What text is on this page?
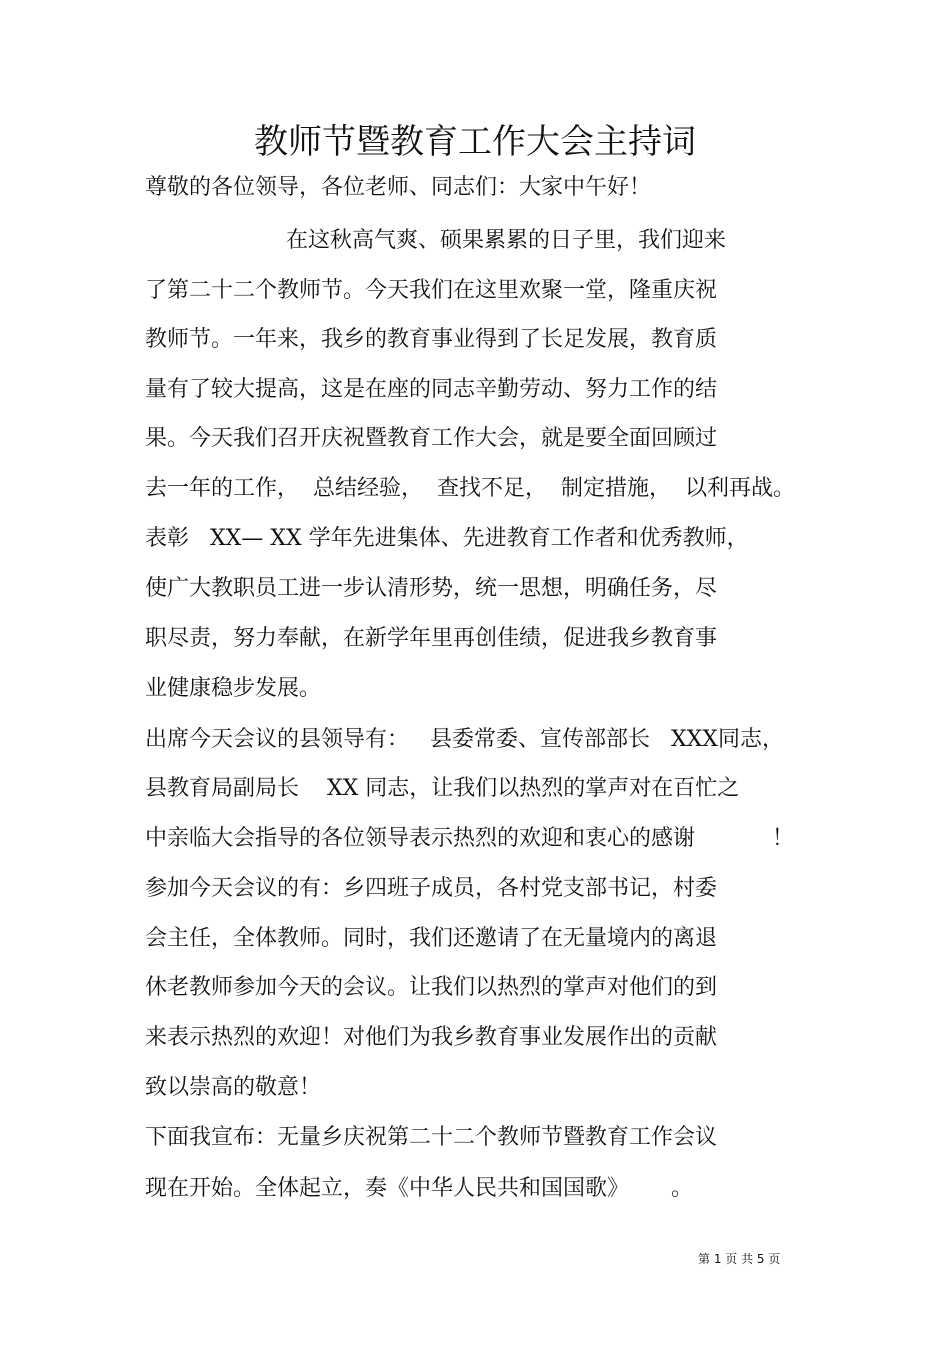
教师节暨教育工作大会主持词
尊敬的各位领导，各位老师、同志们：大家中午好！
在这秋高气爽、硕果累累的日子里，我们迎来
了第二十二个教师节。今天我们在这里欢聚一堂，隆重庆祝
教师节。一年来，我乡的教育事业得到了长足发展，教育质
量有了较大提高，这是在座的同志辛勤劳动、努力工作的结
果。今天我们召开庆祝暨教育工作大会，就是要全面回顾过
去一年的工作，  总结经验，  查找不足，  制定措施，  以利再战。
表彰   XX— XX 学年先进集体、先进教育工作者和优秀教师，
使广大教职员工进一步认清形势，统一思想，明确任务，尽
职尽责，努力奉献，在新学年里再创佳绩，促进我乡教育事
业健康稳步发展。
出席今天会议的县领导有：   县委常委、宣传部部长   XXX同志，
县教育局副局长    XX 同志，让我们以热烈的掌声对在百忙之
中亲临大会指导的各位领导表示热烈的欢迎和衷心的感谢           ！
参加今天会议的有：乡四班子成员，各村党支部书记，村委
会主任，全体教师。同时，我们还邀请了在无量境内的离退
休老教师参加今天的会议。让我们以热烈的掌声对他们的到
来表示热烈的欢迎！对他们为我乡教育事业发展作出的贡献
致以崇高的敬意！
下面我宣布：无量乡庆祝第二十二个教师节暨教育工作会议
现在开始。全体起立，奏《中华人民共和国国歌》      。
第 1 页 共 5 页
